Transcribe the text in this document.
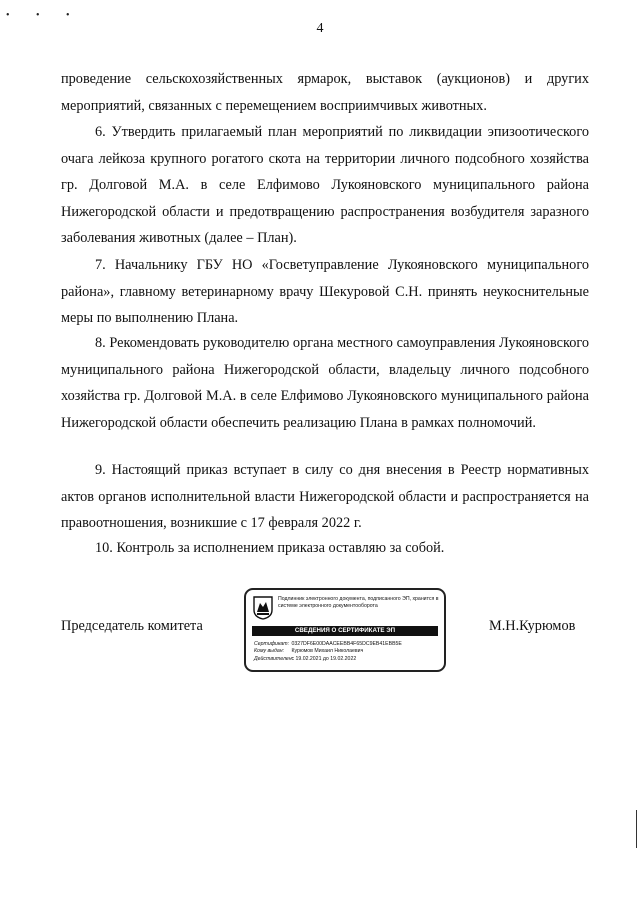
• • •
4

проведение сельскохозяйственных ярмарок, выставок (аукционов) и других мероприятий, связанных с перемещением восприимчивых животных.

6. Утвердить прилагаемый план мероприятий по ликвидации эпизоотического очага лейкоза крупного рогатого скота на территории личного подсобного хозяйства гр. Долговой М.А. в селе Елфимово Лукояновского муниципального района Нижегородской области и предотвращению распространения возбудителя заразного заболевания животных (далее – План).

7. Начальнику ГБУ НО «Госветуправление Лукояновского муниципального района», главному ветеринарному врачу Шекуровой С.Н. принять неукоснительные меры по выполнению Плана.

8. Рекомендовать руководителю органа местного самоуправления Лукояновского муниципального района Нижегородской области, владельцу личного подсобного хозяйства гр. Долговой М.А. в селе Елфимово Лукояновского муниципального района Нижегородской области обеспечить реализацию Плана в рамках полномочий.

9. Настоящий приказ вступает в силу со дня внесения в Реестр нормативных актов органов исполнительной власти Нижегородской области и распространяется на правоотношения, возникшие с 17 февраля 2022 г.

10. Контроль за исполнением приказа оставляю за собой.

Председатель комитета
Подлинник электронного документа, подписанного ЭП, хранится в системе электронного документооборота
СВЕДЕНИЯ О СЕРТИФИКАТЕ ЭП
Сертификат: 0327DF6E00DAACEEBB4F65DC9EB41EBB5E
Кому выдан: Курюмов Михаил Николаевич
Действителен: с 19.02.2021 до 19.02.2022
М.Н.Курюмов
